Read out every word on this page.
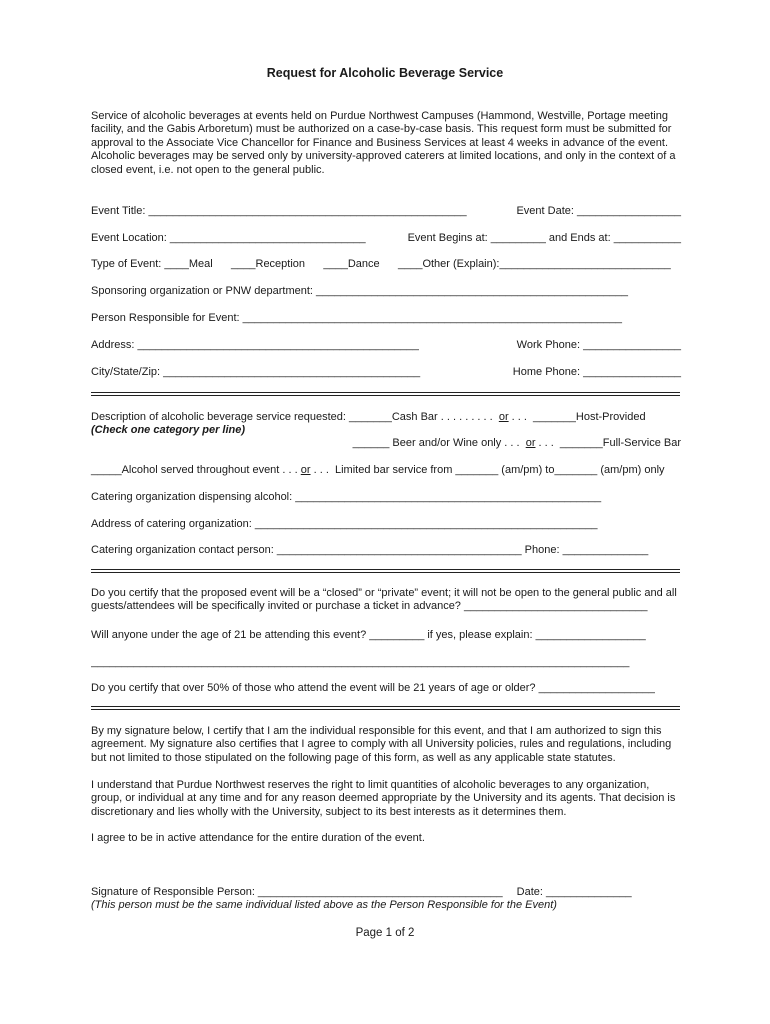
Request for Alcoholic Beverage Service

Service of alcoholic beverages at events held on Purdue Northwest Campuses (Hammond, Westville, Portage meeting facility, and the Gabis Arboretum) must be authorized on a case-by-case basis. This request form must be submitted for approval to the Associate Vice Chancellor for Finance and Business Services at least 4 weeks in advance of the event. Alcoholic beverages may be served only by university-approved caterers at limited locations, and only in the context of a closed event, i.e. not open to the general public.

Event Title: ____________________________________________________	Event Date: _________________
Event Location: ________________________________	Event Begins at: _________ and Ends at: ___________
Type of Event: ____Meal      ____Reception      ____Dance      ____Other (Explain):____________________________
Sponsoring organization or PNW department: ___________________________________________________
Person Responsible for Event: ______________________________________________________________
Address: ______________________________________________	Work Phone: ________________
City/State/Zip: __________________________________________	Home Phone: ________________
Description of alcoholic beverage service requested: _______Cash Bar . . . . . . . . .  or . . .  _______Host-Provided
(Check one category per line)
______ Beer and/or Wine only . . .  or . . .  _______Full-Service Bar
_____Alcohol served throughout event . . . or . . .  Limited bar service from _______ (am/pm) to_______ (am/pm) only
Catering organization dispensing alcohol: __________________________________________________
Address of catering organization: ________________________________________________________
Catering organization contact person: ________________________________________ Phone: ______________

Do you certify that the proposed event will be a “closed” or “private” event; it will not be open to the general public and all guests/attendees will be specifically invited or purchase a ticket in advance? ______________________________

Will anyone under the age of 21 be attending this event? _________ if yes, please explain: __________________
________________________________________________________________________________________
Do you certify that over 50% of those who attend the event will be 21 years of age or older? ___________________

By my signature below, I certify that I am the individual responsible for this event, and that I am authorized to sign this agreement. My signature also certifies that I agree to comply with all University policies, rules and regulations, including but not limited to those stipulated on the following page of this form, as well as any applicable state statutes.

I understand that Purdue Northwest reserves the right to limit quantities of alcoholic beverages to any organization, group, or individual at any time and for any reason deemed appropriate by the University and its agents. That decision is discretionary and lies wholly with the University, subject to its best interests as it determines them.

I agree to be in active attendance for the entire duration of the event.

Signature of Responsible Person: ________________________________________ Date: ______________
(This person must be the same individual listed above as the Person Responsible for the Event)
Page 1 of 2
